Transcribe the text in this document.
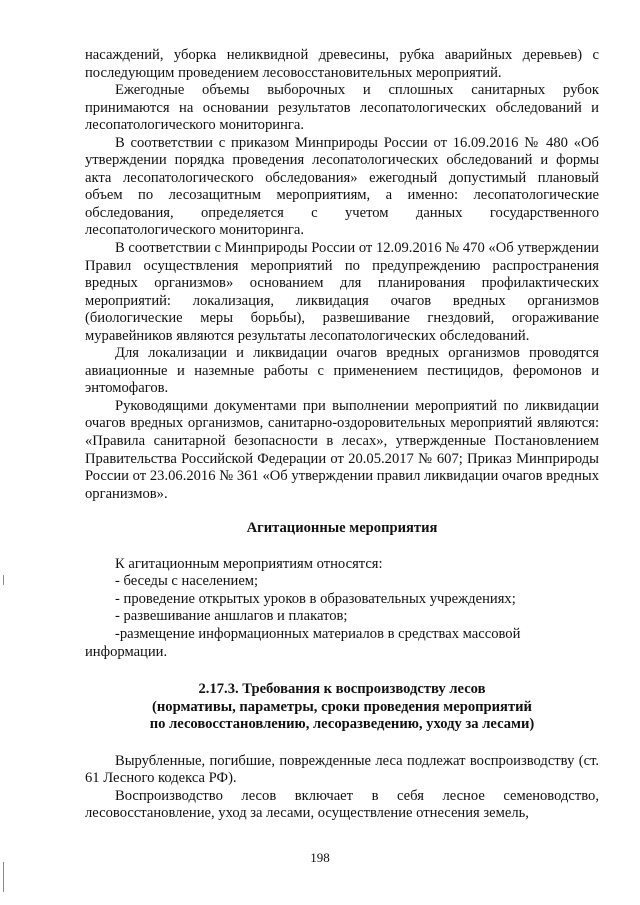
насаждений, уборка неликвидной древесины, рубка аварийных деревьев) с последующим проведением лесовосстановительных мероприятий.

Ежегодные объемы выборочных и сплошных санитарных рубок принимаются на основании результатов лесопатологических обследований и лесопатологического мониторинга.

В соответствии с приказом Минприроды России от 16.09.2016 № 480 «Об утверждении порядка проведения лесопатологических обследований и формы акта лесопатологического обследования» ежегодный допустимый плановый объем по лесозащитным мероприятиям, а именно: лесопатологические обследования, определяется с учетом данных государственного лесопатологического мониторинга.

В соответствии с Минприроды России от 12.09.2016 № 470 «Об утверждении Правил осуществления мероприятий по предупреждению распространения вредных организмов» основанием для планирования профилактических мероприятий: локализация, ликвидация очагов вредных организмов (биологические меры борьбы), развешивание гнездовий, огораживание муравейников являются результаты лесопатологических обследований.

Для локализации и ликвидации очагов вредных организмов проводятся авиационные и наземные работы с применением пестицидов, феромонов и энтомофагов.

Руководящими документами при выполнении мероприятий по ликвидации очагов вредных организмов, санитарно-оздоровительных мероприятий являются: «Правила санитарной безопасности в лесах», утвержденные Постановлением Правительства Российской Федерации от 20.05.2017 № 607; Приказ Минприроды России от 23.06.2016 № 361 «Об утверждении правил ликвидации очагов вредных организмов».

Агитационные мероприятия

К агитационным мероприятиям относятся:

- беседы с населением;

- проведение открытых уроков в образовательных учреждениях;

- развешивание аншлагов и плакатов;

-размещение информационных материалов в средствах массовой информации.

2.17.3. Требования к воспроизводству лесов
(нормативы, параметры, сроки проведения мероприятий
по лесовосстановлению, лесоразведению, уходу за лесами)

Вырубленные, погибшие, поврежденные леса подлежат воспроизводству (ст. 61 Лесного кодекса РФ).

Воспроизводство лесов включает в себя лесное семеноводство, лесовосстановление, уход за лесами, осуществление отнесения земель,

198
